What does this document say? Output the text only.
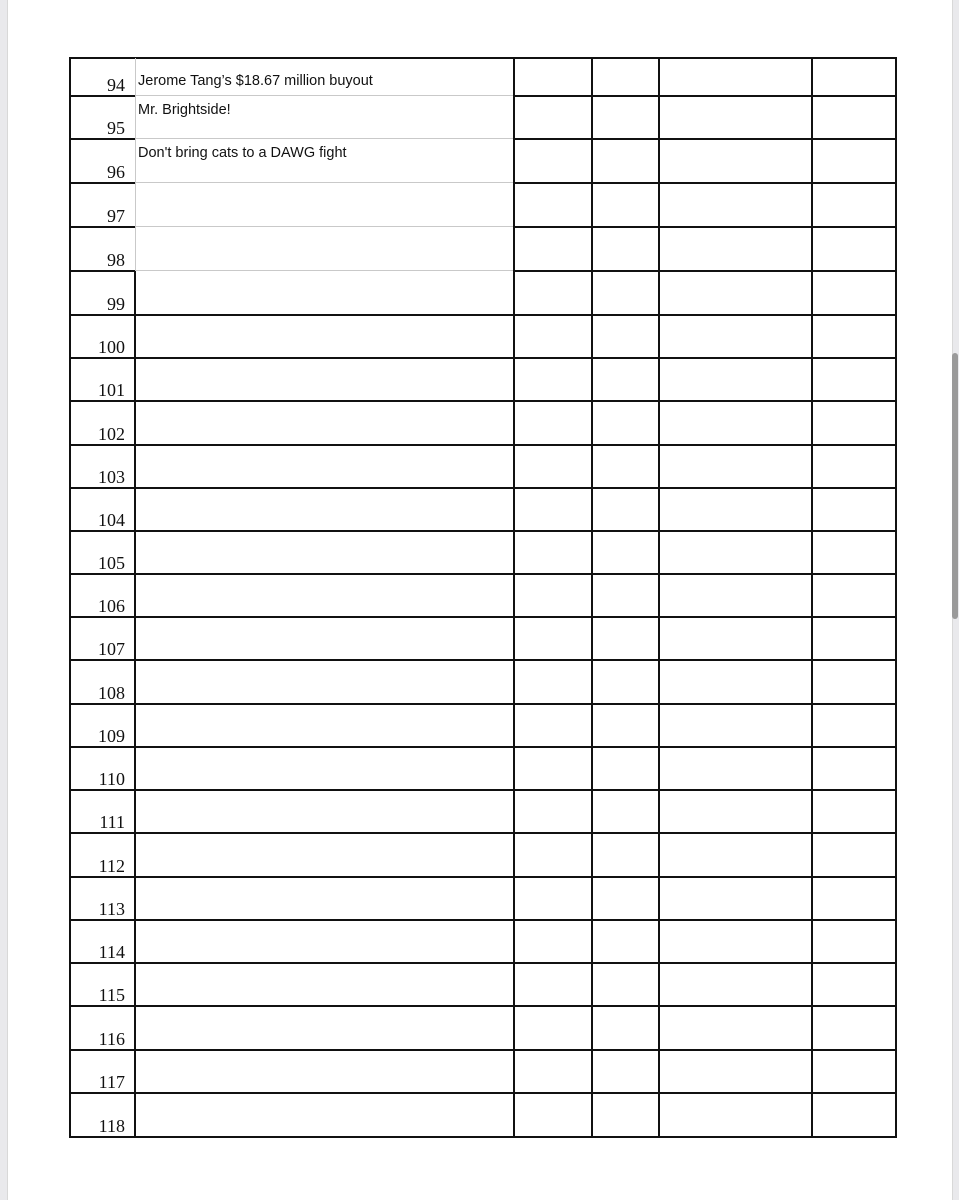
94 Jerome Tang’s $18.67 million buyout
95
Mr. Brightside!
96
Don't bring cats to a DAWG fight
97
98
99
100
101
102
103
104
105
106
107
108
109
110
111
112
113
114
115
116
117
118
